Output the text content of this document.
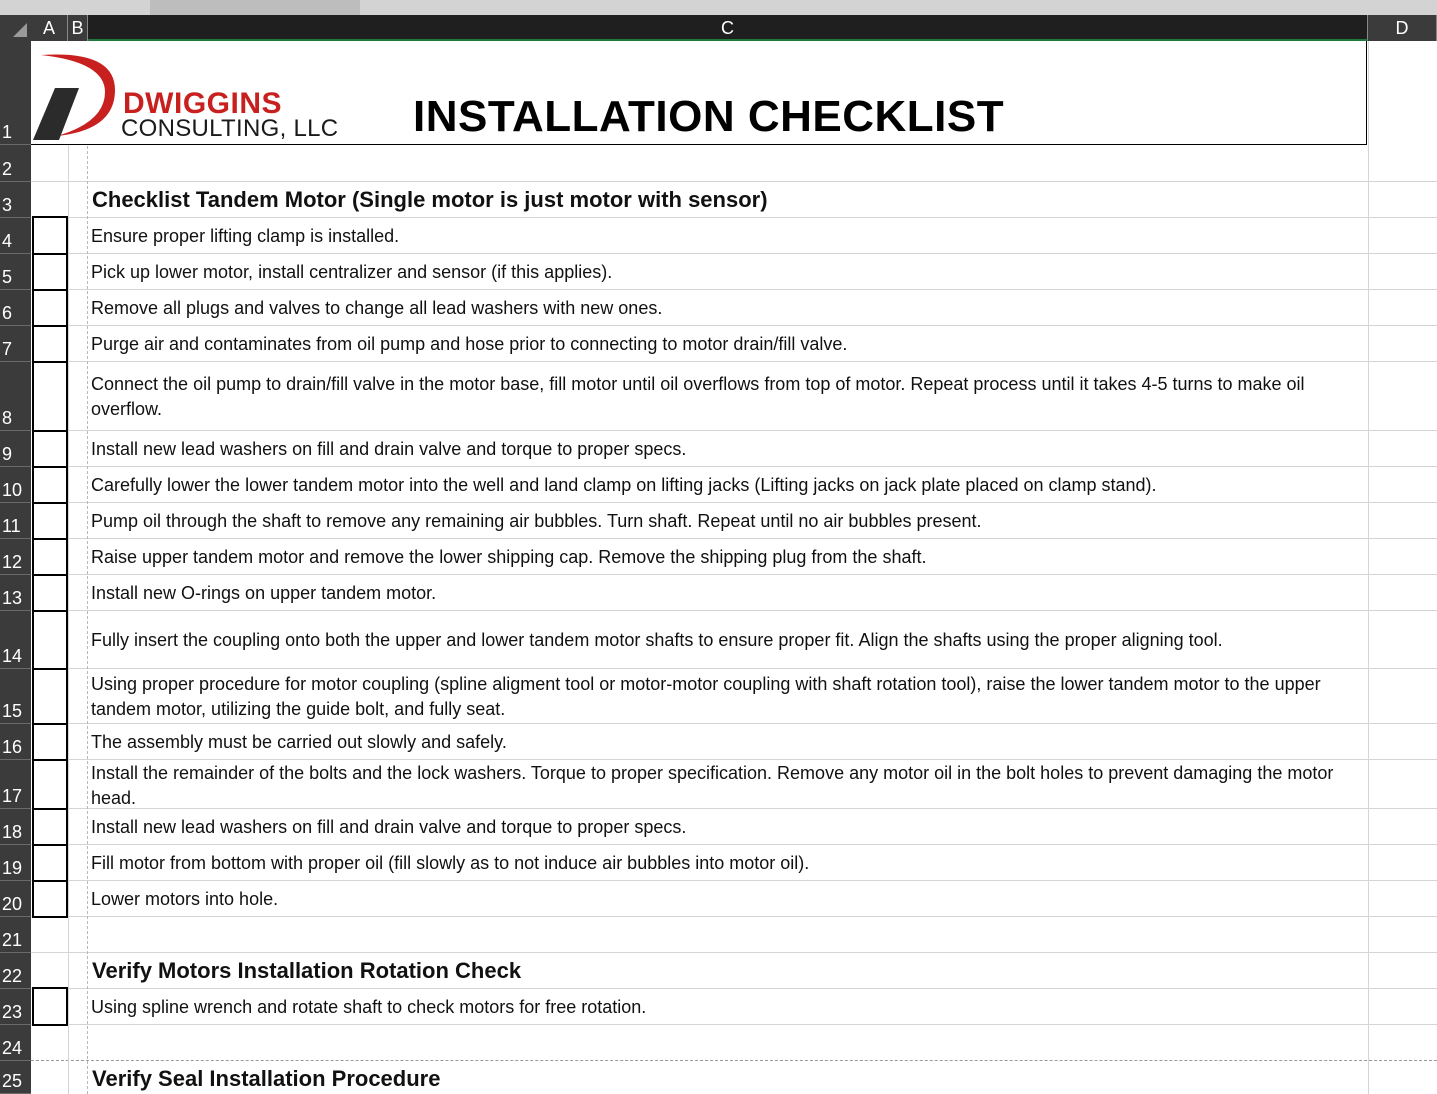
A B	C	D
1
2
3
4
5
6
7
8
9
10
11
12
13
14
15
16
17
18
19
20
21
22
23
24
25
DWIGGINS
CONSULTING, LLC INSTALLATION CHECKLIST
Checklist Tandem Motor (Single motor is just motor with sensor)
Verify Motors Installation Rotation Check
Verify Seal Installation Procedure
Ensure proper lifting clamp is installed.
Pick up lower motor, install centralizer and sensor (if this applies).
Remove all plugs and valves to change all lead washers with new ones.
Purge air and contaminates from oil pump and hose prior to connecting to motor drain/fill valve.
Connect the oil pump to drain/fill valve in the motor base, fill motor until oil overflows from top of motor. Repeat process until it takes 4-5 turns to make oil overflow.
Install new lead washers on fill and drain valve and torque to proper specs.
Carefully lower the lower tandem motor into the well and land clamp on lifting jacks (Lifting jacks on jack plate placed on clamp stand).
Pump oil through the shaft to remove any remaining air bubbles. Turn shaft. Repeat until no air bubbles present.
Raise upper tandem motor and remove the lower shipping cap. Remove the shipping plug from the shaft.
Install new O-rings on upper tandem motor.
Fully insert the coupling onto both the upper and lower tandem motor shafts to ensure proper fit. Align the shafts using the proper aligning tool.
Using proper procedure for motor coupling (spline aligment tool or motor-motor coupling with shaft rotation tool), raise the lower tandem motor to the upper tandem motor, utilizing the guide bolt, and fully seat.
The assembly must be carried out slowly and safely.
Install the remainder of the bolts and the lock washers. Torque to proper specification. Remove any motor oil in the bolt holes to prevent damaging the motor head.
Install new lead washers on fill and drain valve and torque to proper specs.
Fill motor from bottom with proper oil (fill slowly as to not induce air bubbles into motor oil).
Lower motors into hole.
Using spline wrench and rotate shaft to check motors for free rotation.
